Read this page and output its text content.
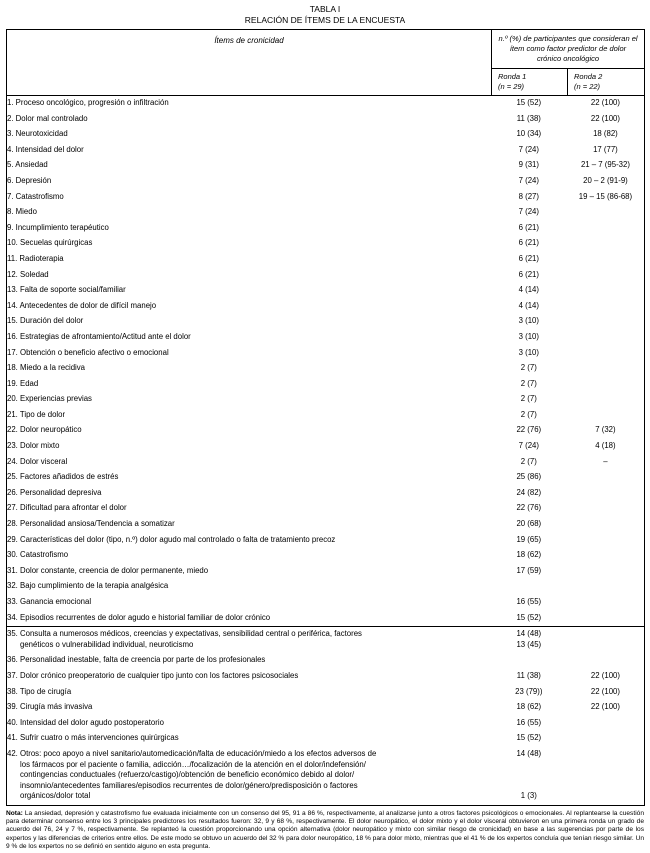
TABLA I
RELACIÓN DE ÍTEMS DE LA ENCUESTA
Ítems de cronicidad	n.º (%) de participantes que consideran el ítem como factor predictor de dolor crónico oncológico

Ronda 1
(n = 29)

Ronda 2
(n = 22)

1. Proceso oncológico, progresión o infiltración	15 (52)	22 (100)
2. Dolor mal controlado	11 (38)	22 (100)
3. Neurotoxicidad	10 (34)	18 (82)
4. Intensidad del dolor	7 (24)	17 (77)
5. Ansiedad	9 (31)	21 – 7 (95-32)
6. Depresión	7 (24)	20 – 2 (91-9)
7. Catastrofismo	8 (27)	19 – 15 (86-68)
8. Miedo	7 (24)	
9. Incumplimiento terapéutico	6 (21)	
10. Secuelas quirúrgicas	6 (21)	
11. Radioterapia	6 (21)	
12. Soledad	6 (21)	
13. Falta de soporte social/familiar	4 (14)	
14. Antecedentes de dolor de difícil manejo	4 (14)	
15. Duración del dolor	3 (10)	
16. Estrategias de afrontamiento/Actitud ante el dolor	3 (10)	
17. Obtención o beneficio afectivo o emocional	3 (10)	
18. Miedo a la recidiva	2 (7)	
19. Edad	2 (7)	
20. Experiencias previas	2 (7)	
21. Tipo de dolor	2 (7)	
22. Dolor neuropático	22 (76)	7 (32)
23. Dolor mixto	7 (24)	4 (18)
24. Dolor visceral	2 (7)	–
25. Factores añadidos de estrés	25 (86)	
26. Personalidad depresiva	24 (82)	
27. Dificultad para afrontar el dolor	22 (76)	
28. Personalidad ansiosa/Tendencia a somatizar	20 (68)	
29. Características del dolor (tipo, n.º) dolor agudo mal controlado o falta de tratamiento precoz	19 (65)	
30. Catastrofismo	18 (62)	
31. Dolor constante, creencia de dolor permanente, miedo	17 (59)	
32. Bajo cumplimiento de la terapia analgésica		
33. Ganancia emocional	16 (55)	
34. Episodios recurrentes de dolor agudo e historial familiar de dolor crónico	15 (52)	

35. Consulta a numerosos médicos, creencias y expectativas, sensibilidad central o periférica, factores
genéticos o vulnerabilidad individual, neuroticismo	14 (48)
13 (45)	
36. Personalidad inestable, falta de creencia por parte de los profesionales		
37. Dolor crónico preoperatorio de cualquier tipo junto con los factores psicosociales	11 (38)	22 (100)
38. Tipo de cirugía	23 (79))	22 (100)
39. Cirugía más invasiva	18 (62)	22 (100)
40. Intensidad del dolor agudo postoperatorio	16 (55)	
41. Sufrir cuatro o más intervenciones quirúrgicas	15 (52)	
42. Otros: poco apoyo a nivel sanitario/automedicación/falta de educación/miedo a los efectos adversos de
los fármacos por el paciente o familia, adicción…/focalización de la atención en el dolor/indefensión/
contingencias conductuales (refuerzo/castigo)/obtención de beneficio económico debido al dolor/
insomnio/antecedentes familiares/episodios recurrentes de dolor/género/predisposición o factores
orgánicos/dolor total	14 (48)

1 (3)	
Nota: La ansiedad, depresión y catastrofismo fue evaluada inicialmente con un consenso del 95, 91 a 86 %, respectivamente, al analizarse junto a otros factores psicológicos o emocionales. Al replantearse la cuestión para determinar consenso entre los 3 principales predictores los resultados fueron: 32, 9 y 68 %, respectivamente. El dolor neuropático, el dolor mixto y el dolor visceral obtuvieron en una primera ronda un grado de acuerdo del 76, 24 y 7 %, respectivamente. Se replanteó la cuestión proporcionando una opción alternativa (dolor neuropático y mixto con similar riesgo de cronicidad) en base a las sugerencias por parte de los expertos y las diferencias de criterios entre ellos. De este modo se obtuvo un acuerdo del 32 % para dolor neuropático, 18 % para dolor mixto, mientras que el 41 % de los expertos concluía que tenían riesgo similar. Un 9 % de los expertos no se definió en sentido alguno en esta pregunta.
